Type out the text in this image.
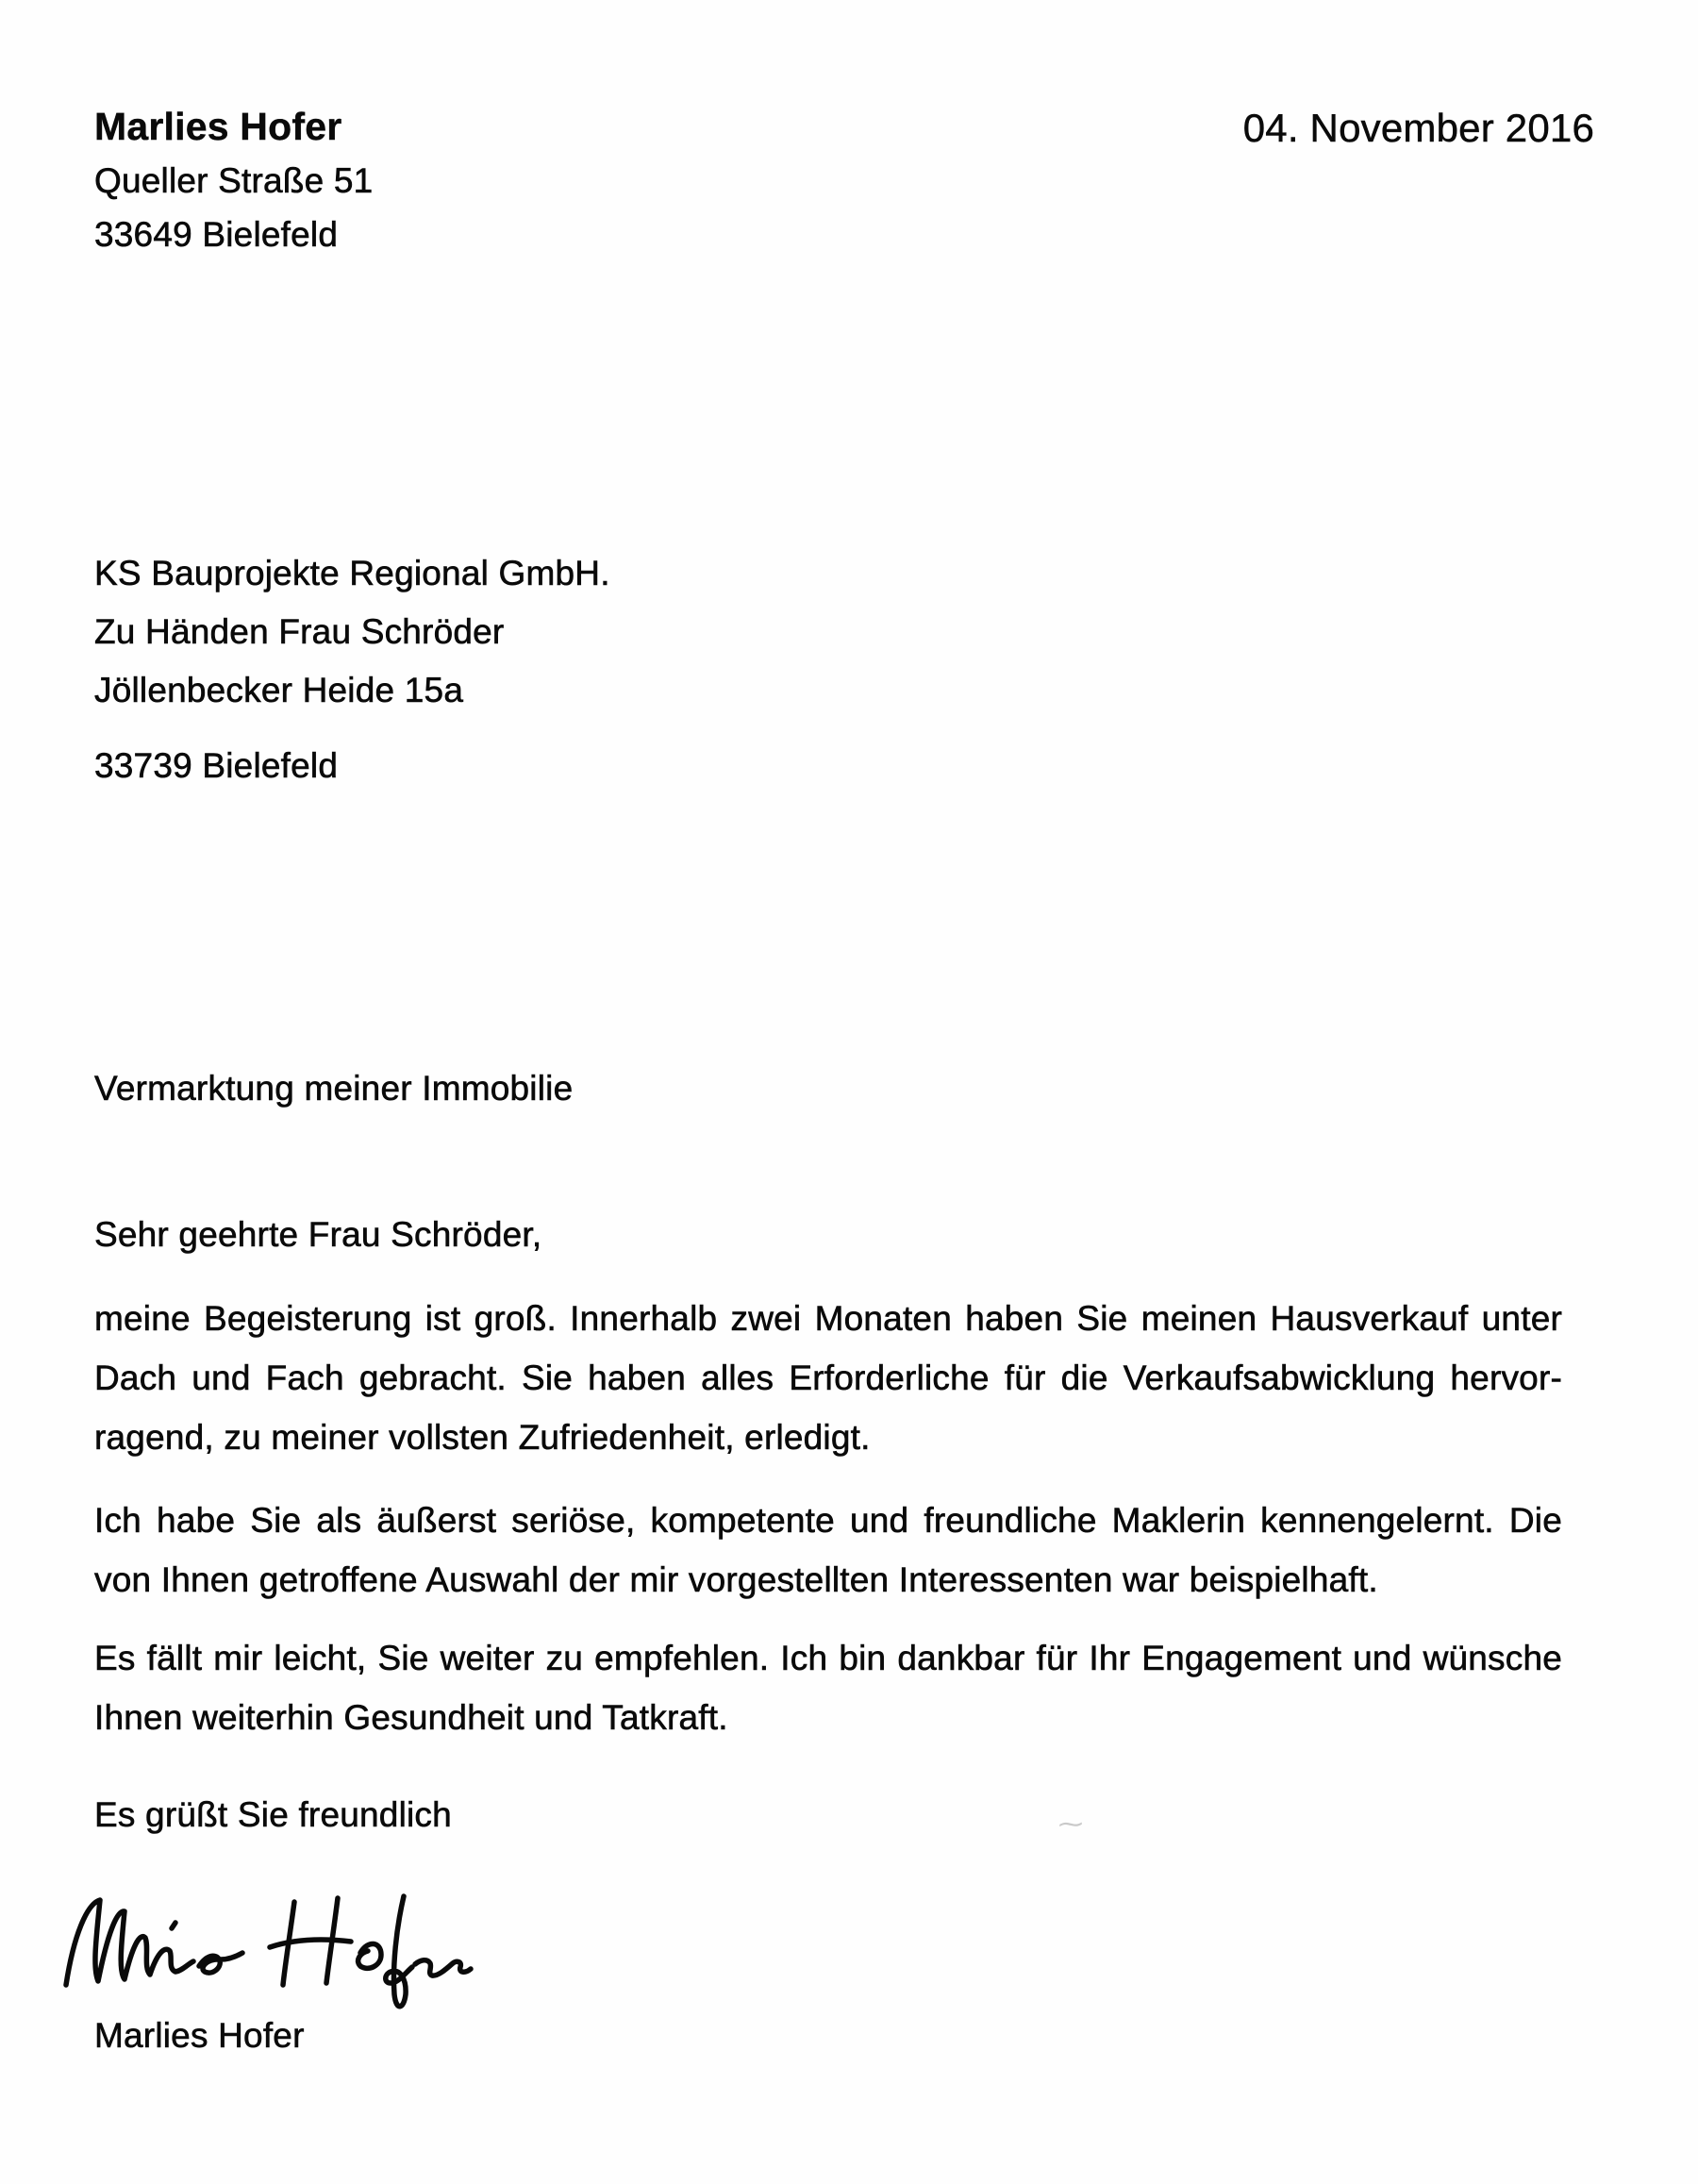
Marlies Hofer
Queller Straße 51
33649 Bielefeld
04. November 2016
KS Bauprojekte Regional GmbH.
Zu Händen Frau Schröder
Jöllenbecker Heide 15a
33739 Bielefeld
Vermarktung meiner Immobilie
Sehr geehrte Frau Schröder,
meine Begeisterung ist groß. Innerhalb zwei Monaten haben Sie meinen Hausverkauf unter
Dach und Fach gebracht. Sie haben alles Erforderliche für die Verkaufsabwicklung hervor-
ragend, zu meiner vollsten Zufriedenheit, erledigt.
Ich habe Sie als äußerst seriöse, kompetente und freundliche Maklerin kennengelernt. Die
von Ihnen getroffene Auswahl der mir vorgestellten Interessenten war beispielhaft.
Es fällt mir leicht, Sie weiter zu empfehlen. Ich bin dankbar für Ihr Engagement und wünsche
Ihnen weiterhin Gesundheit und Tatkraft.
Es grüßt Sie freundlich	⁓
Marlies Hofer
